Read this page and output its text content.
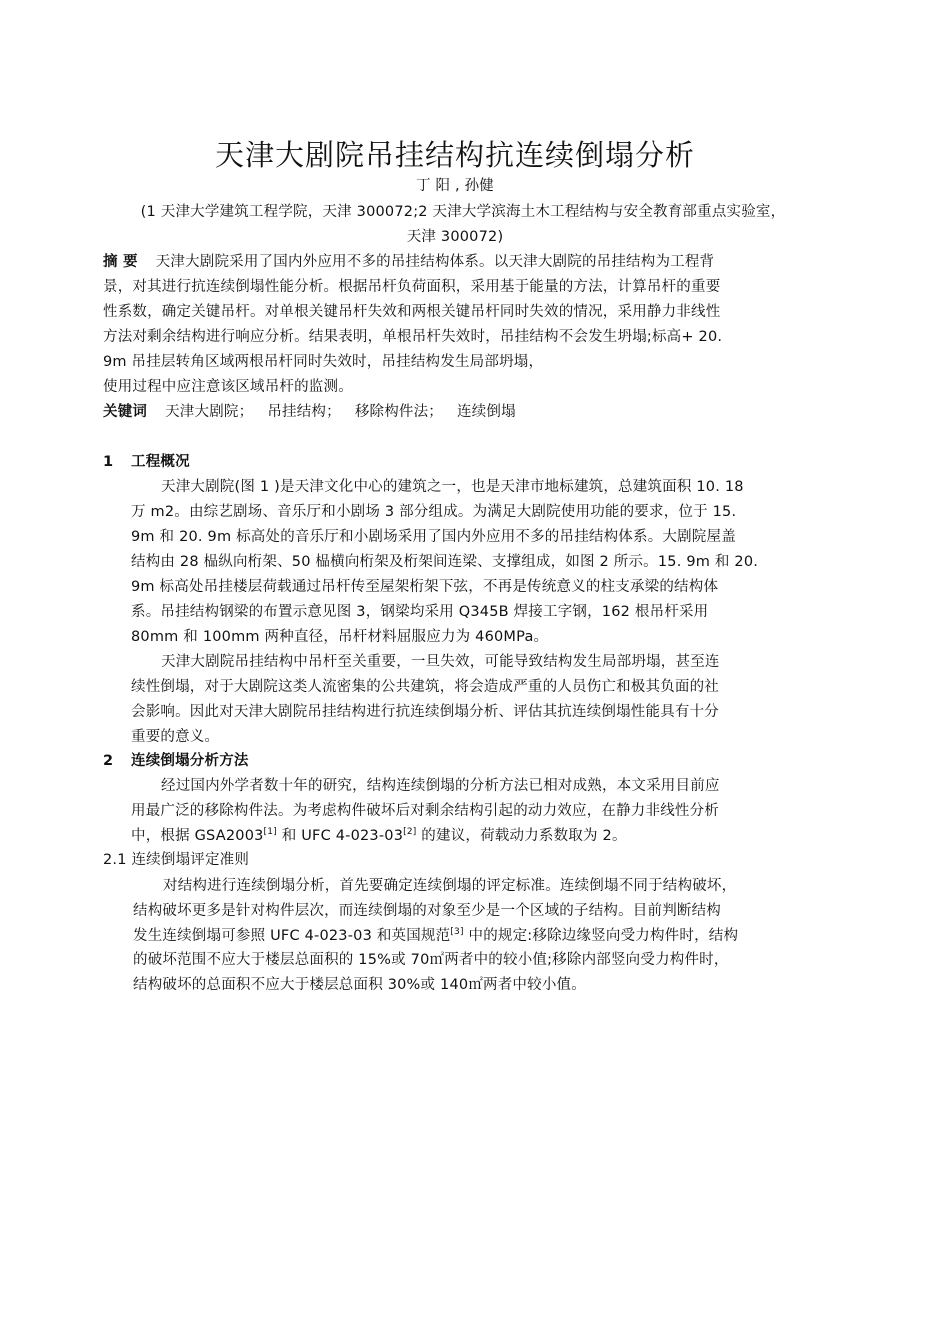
天津大剧院吊挂结构抗连续倒塌分析
丁 阳 , 孙健
(1 天津大学建筑工程学院，天津 300072;2 天津大学滨海土木工程结构与安全教育部重点实验室，
天津 300072)
摘 要 天津大剧院采用了国内外应用不多的吊挂结构体系。以天津大剧院的吊挂结构为工程背
景，对其进行抗连续倒塌性能分析。根据吊杆负荷面积，采用基于能量的方法，计算吊杆的重要
性系数，确定关键吊杆。对单根关键吊杆失效和两根关键吊杆同时失效的情况，采用静力非线性
方法对剩余结构进行响应分析。结果表明，单根吊杆失效时，吊挂结构不会发生坍塌;标高+ 20.
9m 吊挂层转角区域两根吊杆同时失效时，吊挂结构发生局部坍塌，
使用过程中应注意该区域吊杆的监测。
关键词 天津大剧院； 吊挂结构； 移除构件法； 连续倒塌
1 工程概况
天津大剧院(图 1 )是天津文化中心的建筑之一，也是天津市地标建筑，总建筑面积 10. 18
万 m2。由综艺剧场、音乐厅和小剧场 3 部分组成。为满足大剧院使用功能的要求，位于 15.
9m 和 20. 9m 标高处的音乐厅和小剧场采用了国内外应用不多的吊挂结构体系。大剧院屋盖
结构由 28 榀纵向桁架、50 榀横向桁架及桁架间连梁、支撑组成，如图 2 所示。15. 9m 和 20.
9m 标高处吊挂楼层荷载通过吊杆传至屋架桁架下弦，不再是传统意义的柱支承梁的结构体
系。吊挂结构钢梁的布置示意见图 3，钢梁均采用 Q345B 焊接工字钢，162 根吊杆采用
80mm 和 100mm 两种直径，吊杆材料屈服应力为 460MPa。
天津大剧院吊挂结构中吊杆至关重要，一旦失效，可能导致结构发生局部坍塌，甚至连
续性倒塌，对于大剧院这类人流密集的公共建筑，将会造成严重的人员伤亡和极其负面的社
会影响。因此对天津大剧院吊挂结构进行抗连续倒塌分析、评估其抗连续倒塌性能具有十分
重要的意义。
2 连续倒塌分析方法
经过国内外学者数十年的研究，结构连续倒塌的分析方法已相对成熟，本文采用目前应
用最广泛的移除构件法。为考虑构件破坏后对剩余结构引起的动力效应，在静力非线性分析
中，根据 GSA2003[1] 和 UFC 4-023-03[2] 的建议，荷载动力系数取为 2。
2.1 连续倒塌评定准则
对结构进行连续倒塌分析，首先要确定连续倒塌的评定标准。连续倒塌不同于结构破坏，
结构破坏更多是针对构件层次，而连续倒塌的对象至少是一个区域的子结构。目前判断结构
发生连续倒塌可参照 UFC 4-023-03 和英国规范[3] 中的规定:移除边缘竖向受力构件时，结构
的破坏范围不应大于楼层总面积的 15%或 70㎡两者中的较小值;移除内部竖向受力构件时，
结构破坏的总面积不应大于楼层总面积 30%或 140㎡两者中较小值。
